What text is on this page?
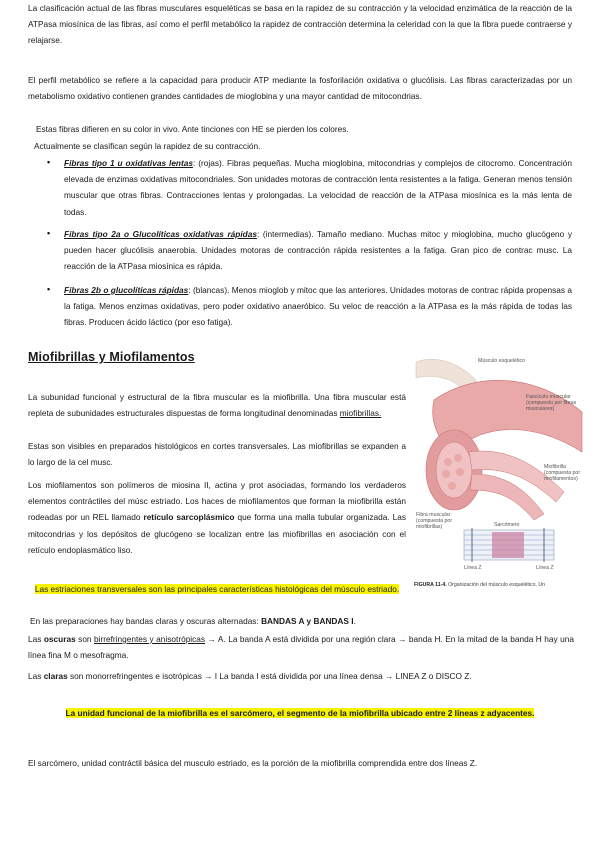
La clasificación actual de las fibras musculares esqueléticas se basa en la rapidez de su contracción y la velocidad enzimática de la reacción de la ATPasa miosínica de las fibras, así como el perfil metabólico la rapidez de contracción determina la celeridad con la que la fibra puede contraerse y relajarse.

El perfil metabólico se refiere a la capacidad para producir ATP mediante la fosforilación oxidativa o glucólisis. Las fibras caracterizadas por un metabolismo oxidativo contienen grandes cantidades de mioglobina y una mayor cantidad de mitocondrias.

Estas fibras difieren en su color in vivo. Ante tinciones con HE se pierden los colores.

Actualmente se clasifican según la rapidez de su contracción.

• Fibras tipo 1 u oxidativas lentas: (rojas). Fibras pequeñas. Mucha mioglobina, mitocondrias y complejos de citocromo. Concentración elevada de enzimas oxidativas mitocondriales. Son unidades motoras de contracción lenta resistentes a la fatiga. Generan menos tensión muscular que otras fibras. Contracciones lentas y prolongadas. La velocidad de reacción de la ATPasa miosínica es la más lenta de todas.

• Fibras tipo 2a o Glucolíticas oxidativas rápidas: (intermedias). Tamaño mediano. Muchas mitoc y mioglobina, mucho glucógeno y pueden hacer glucólisis anaerobia. Unidades motoras de contracción rápida resistentes a la fatiga. Gran pico de contrac musc. La reacción de la ATPasa miosínica es rápida.

• Fibras 2b o glucolíticas rápidas: (blancas). Menos mioglob y mitoc que las anteriores. Unidades motoras de contrac rápida propensas a la fatiga. Menos enzimas oxidativas, pero poder oxidativo anaeróbico. Su veloc de reacción a la ATPasa es la más rápida de todas las fibras. Producen ácido láctico (por eso fatiga).

Miofibrillas y Miofilamentos

La subunidad funcional y estructural de la fibra muscular es la miofibrilla. Una fibra muscular está repleta de subunidades estructurales dispuestas de forma longitudinal denominadas miofibrillas.

Estas son visibles en preparados histológicos en cortes transversales. Las miofibrillas se expanden a lo largo de la cel musc.

Los miofilamentos son polímeros de miosina II, actina y prot asociadas, formando los verdaderos elementos contráctiles del músc estriado. Los haces de miofilamentos que forman la miofibrilla están rodeadas por un REL llamado retículo sarcoplásmico que forma una malla tubular organizada. Las mitocondrias y los depósitos de glucógeno se localizan entre las miofibrillas en asociación con el retículo endoplasmático liso.

Las estriaciones transversales son las principales características histológicas del músculo estriado.

Músculo esquelético
Fascículo muscular (compuesto por fibras musculares)
Miofibrilla (compuesta por miofilamentos)
Fibra muscular (compuesta por miofibrillas)	Sarcómero
Línea Z	Línea Z
FIGURA 11-4. Organización del músculo esquelético. Un

En las preparaciones hay bandas claras y oscuras alternadas: BANDAS A y BANDAS I.

Las oscuras son birrefringentes y anisotrópicas → A. La banda A está dividida por una región clara → banda H. En la mitad de la banda H hay una línea fina M o mesofragma.

Las claras son monorrefringentes e isotrópicas → I La banda I está dividida por una línea densa → LINEA Z o DISCO Z.

La unidad funcional de la miofibrilla es el sarcómero, el segmento de la miofibrilla ubicado entre 2 líneas z adyacentes.

El sarcómero, unidad contráctil básica del musculo estriado, es la porción de la miofibrilla comprendida entre dos líneas Z.
